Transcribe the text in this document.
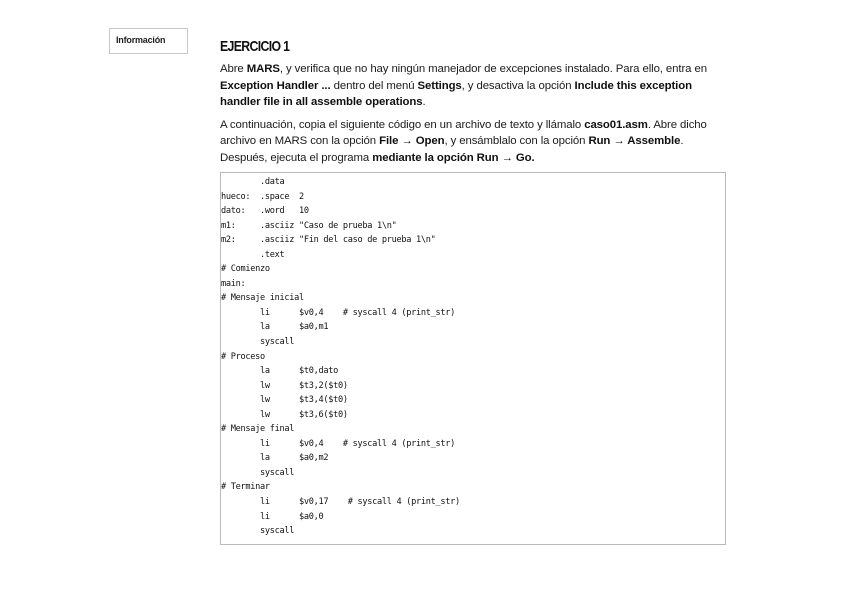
Información	EJERCICIO 1

Abre MARS, y verifica que no hay ningún manejador de excepciones instalado. Para ello, entra en Exception Handler ... dentro del menú Settings, y desactiva la opción Include this exception handler file in all assemble operations.

A continuación, copia el siguiente código en un archivo de texto y llámalo caso01.asm. Abre dicho archivo en MARS con la opción File → Open, y ensámblalo con la opción Run → Assemble. Después, ejecuta el programa mediante la opción Run → Go.

.data
hueco:  .space  2
dato:   .word   10
m1:     .asciiz "Caso de prueba 1\n"
m2:     .asciiz "Fin del caso de prueba 1\n"
.text
# Comienzo
main:
# Mensaje inicial
li      $v0,4    # syscall 4 (print_str)
la      $a0,m1
syscall
# Proceso
la      $t0,dato
lw      $t3,2($t0)
lw      $t3,4($t0)
lw      $t3,6($t0)
# Mensaje final
li      $v0,4    # syscall 4 (print_str)
la      $a0,m2
syscall
# Terminar
li      $v0,17    # syscall 4 (print_str)
li      $a0,0
syscall
